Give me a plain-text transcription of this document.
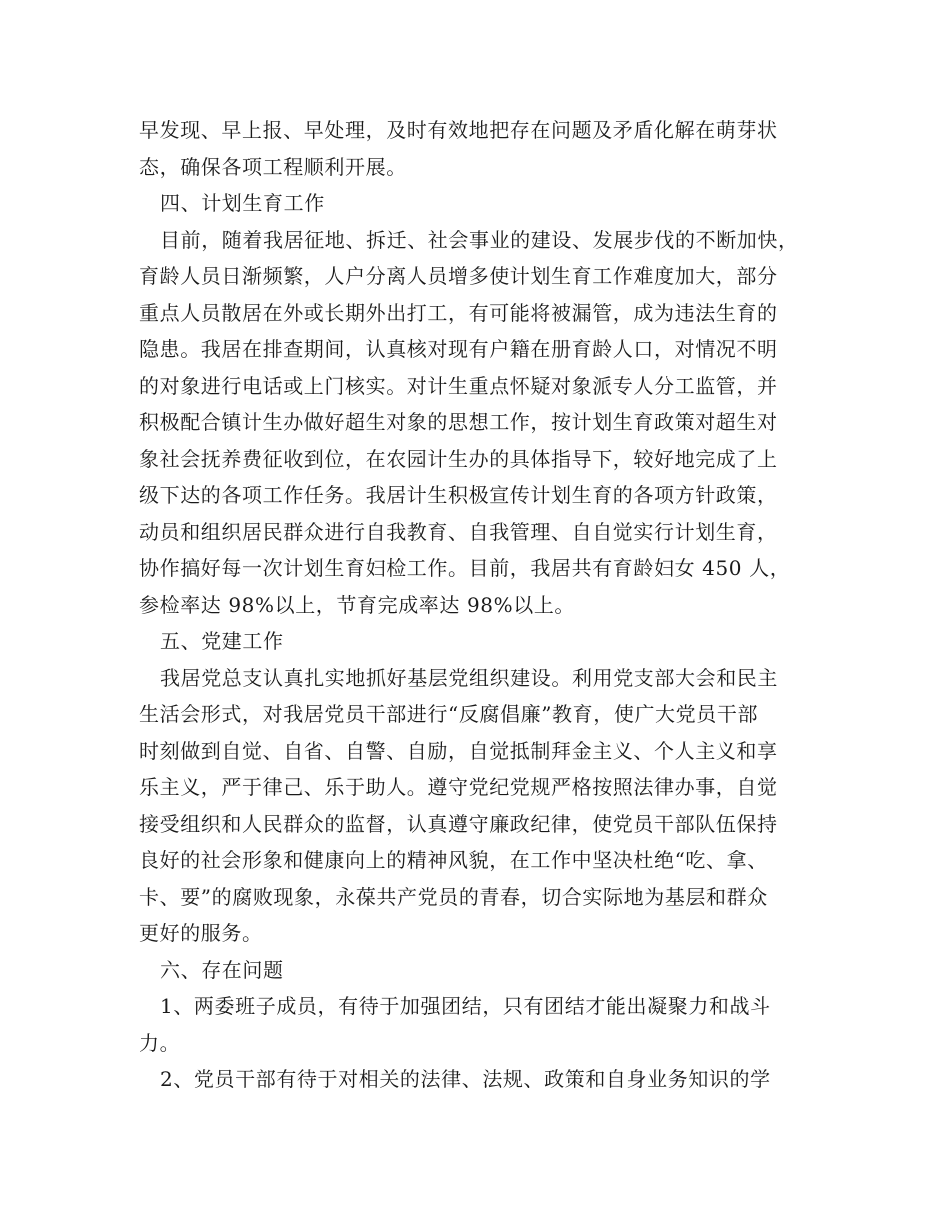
早发现、早上报、早处理，及时有效地把存在问题及矛盾化解在萌芽状
态，确保各项工程顺利开展。
四、计划生育工作
目前，随着我居征地、拆迁、社会事业的建设、发展步伐的不断加快，
育龄人员日渐频繁，人户分离人员增多使计划生育工作难度加大，部分
重点人员散居在外或长期外出打工，有可能将被漏管，成为违法生育的
隐患。我居在排查期间，认真核对现有户籍在册育龄人口，对情况不明
的对象进行电话或上门核实。对计生重点怀疑对象派专人分工监管，并
积极配合镇计生办做好超生对象的思想工作，按计划生育政策对超生对
象社会抚养费征收到位，在农园计生办的具体指导下，较好地完成了上
级下达的各项工作任务。我居计生积极宣传计划生育的各项方针政策，
动员和组织居民群众进行自我教育、自我管理、自自觉实行计划生育，
协作搞好每一次计划生育妇检工作。目前，我居共有育龄妇女 450 人，
参检率达 98%以上，节育完成率达 98%以上。
五、党建工作
我居党总支认真扎实地抓好基层党组织建设。利用党支部大会和民主
生活会形式，对我居党员干部进行“反腐倡廉”教育，使广大党员干部
时刻做到自觉、自省、自警、自励，自觉抵制拜金主义、个人主义和享
乐主义，严于律己、乐于助人。遵守党纪党规严格按照法律办事，自觉
接受组织和人民群众的监督，认真遵守廉政纪律，使党员干部队伍保持
良好的社会形象和健康向上的精神风貌，在工作中坚决杜绝“吃、拿、
卡、要”的腐败现象，永葆共产党员的青春，切合实际地为基层和群众
更好的服务。
六、存在问题
1、两委班子成员，有待于加强团结，只有团结才能出凝聚力和战斗
力。
2、党员干部有待于对相关的法律、法规、政策和自身业务知识的学
